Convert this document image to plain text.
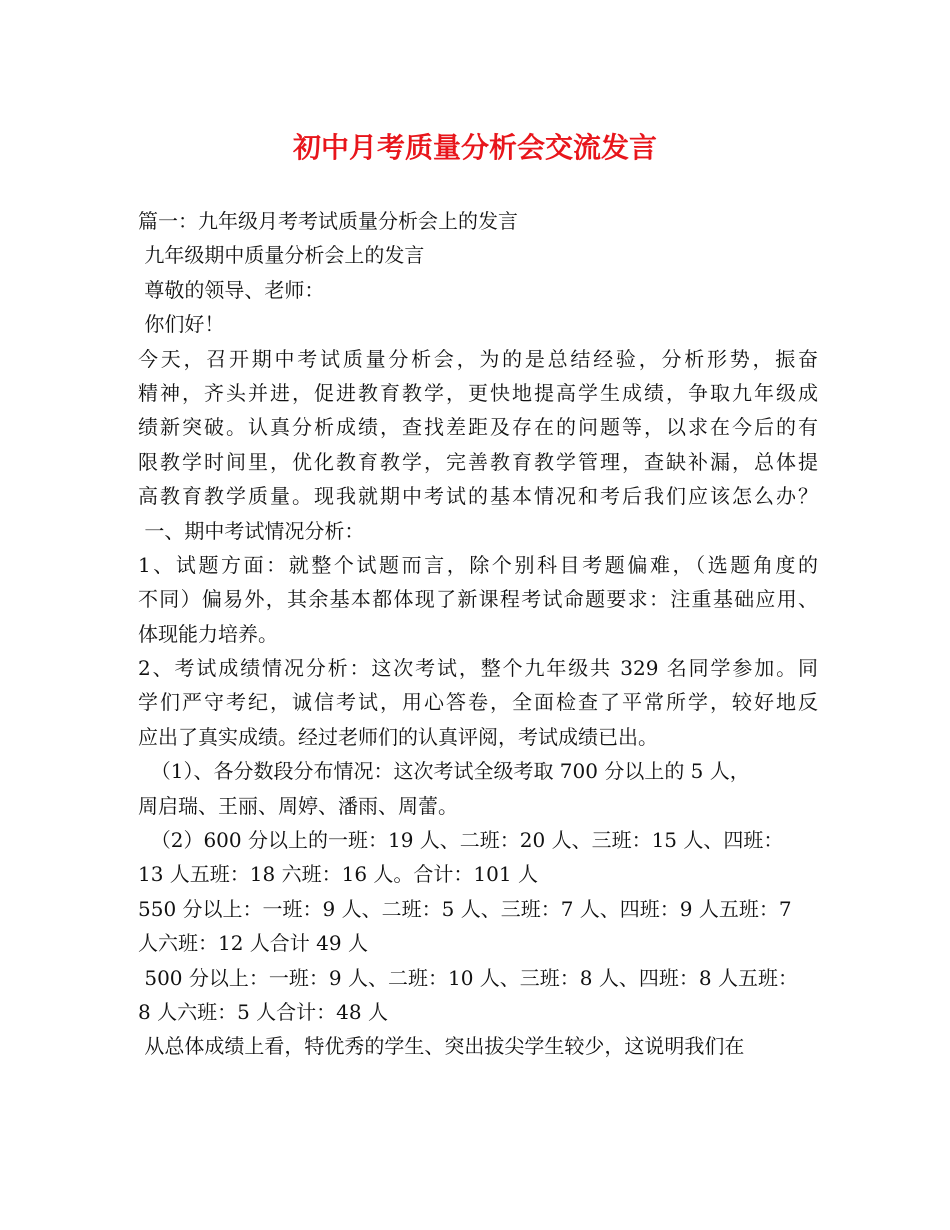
初中月考质量分析会交流发言

篇一：九年级月考考试质量分析会上的发言

九年级期中质量分析会上的发言

尊敬的领导、老师：

你们好！

今天，召开期中考试质量分析会，为的是总结经验，分析形势，振奋

精神，齐头并进，促进教育教学，更快地提高学生成绩，争取九年级成

绩新突破。认真分析成绩，查找差距及存在的问题等，以求在今后的有

限教学时间里，优化教育教学，完善教育教学管理，查缺补漏，总体提

高教育教学质量。现我就期中考试的基本情况和考后我们应该怎么办？

一、期中考试情况分析：

1、试题方面：就整个试题而言，除个别科目考题偏难，（选题角度的

不同）偏易外，其余基本都体现了新课程考试命题要求：注重基础应用、

体现能力培养。

2、考试成绩情况分析：这次考试，整个九年级共 329 名同学参加。同

学们严守考纪，诚信考试，用心答卷，全面检查了平常所学，较好地反

应出了真实成绩。经过老师们的认真评阅，考试成绩已出。

（1）、各分数段分布情况：这次考试全级考取 700 分以上的 5 人，

周启瑞、王丽、周婷、潘雨、周蕾。

（2）600 分以上的一班：19 人、二班：20 人、三班：15 人、四班：

13 人五班：18 六班：16 人。合计：101 人

550 分以上：一班：9 人、二班：5 人、三班：7 人、四班：9 人五班：7

人六班：12 人合计 49 人

500 分以上：一班：9 人、二班：10 人、三班：8 人、四班：8 人五班：

8 人六班：5 人合计：48 人

从总体成绩上看，特优秀的学生、突出拔尖学生较少，这说明我们在
